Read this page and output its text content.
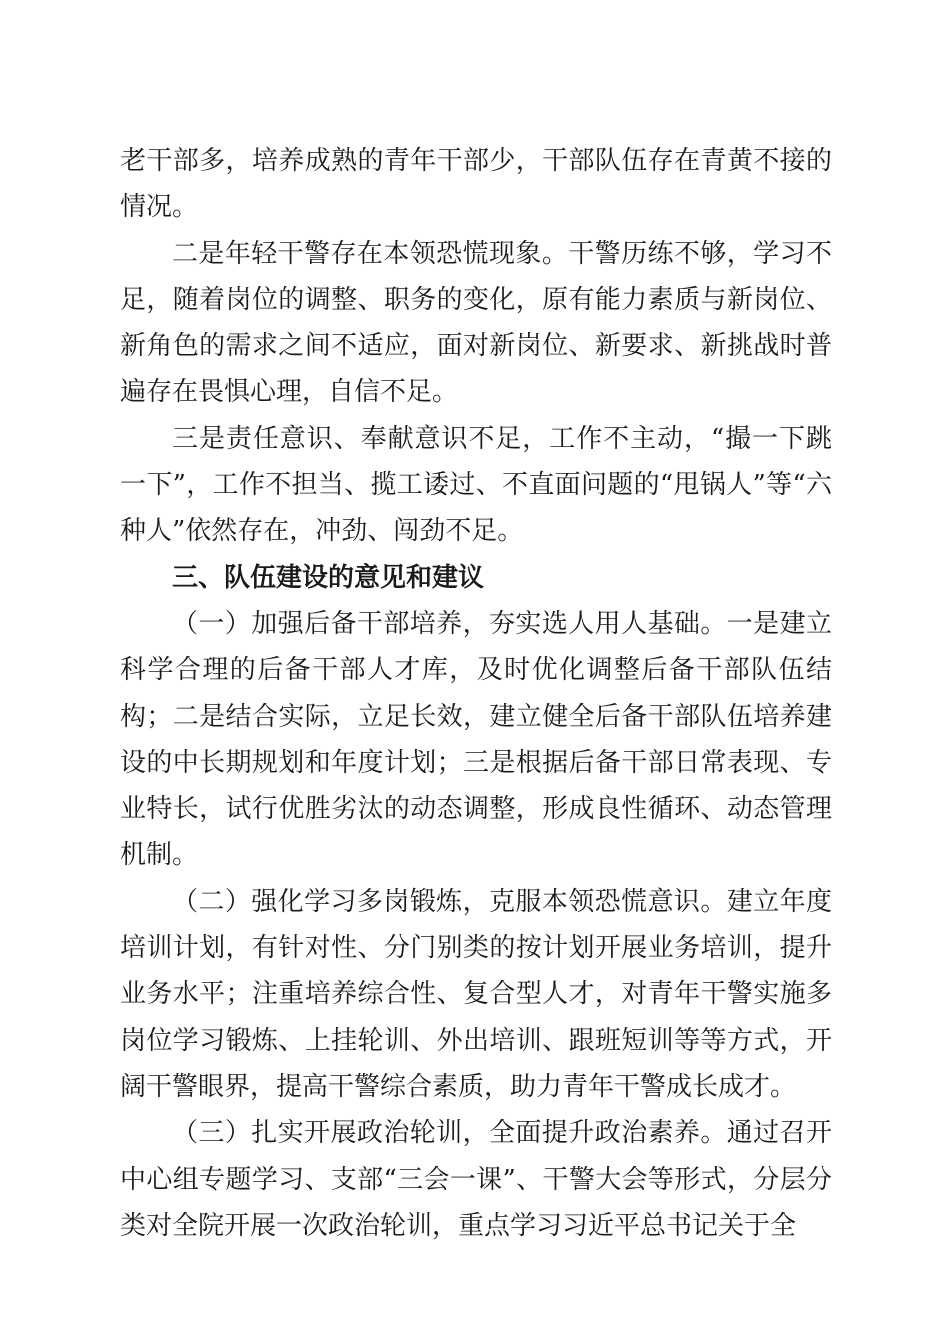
老干部多，培养成熟的青年干部少，干部队伍存在青黄不接的情况。

二是年轻干警存在本领恐慌现象。干警历练不够，学习不足，随着岗位的调整、职务的变化，原有能力素质与新岗位、新角色的需求之间不适应，面对新岗位、新要求、新挑战时普遍存在畏惧心理，自信不足。

三是责任意识、奉献意识不足，工作不主动，“撮一下跳一下”，工作不担当、揽工诿过、不直面问题的“甩锅人”等“六种人”依然存在，冲劲、闯劲不足。

三、队伍建设的意见和建议

（一）加强后备干部培养，夯实选人用人基础。一是建立科学合理的后备干部人才库，及时优化调整后备干部队伍结构；二是结合实际，立足长效，建立健全后备干部队伍培养建设的中长期规划和年度计划；三是根据后备干部日常表现、专业特长，试行优胜劣汰的动态调整，形成良性循环、动态管理机制。

（二）强化学习多岗锻炼，克服本领恐慌意识。建立年度培训计划，有针对性、分门别类的按计划开展业务培训，提升业务水平；注重培养综合性、复合型人才，对青年干警实施多岗位学习锻炼、上挂轮训、外出培训、跟班短训等等方式，开阔干警眼界，提高干警综合素质，助力青年干警成长成才。

（三）扎实开展政治轮训，全面提升政治素养。通过召开中心组专题学习、支部“三会一课”、干警大会等形式，分层分类对全院开展一次政治轮训，重点学习习近平总书记关于全
